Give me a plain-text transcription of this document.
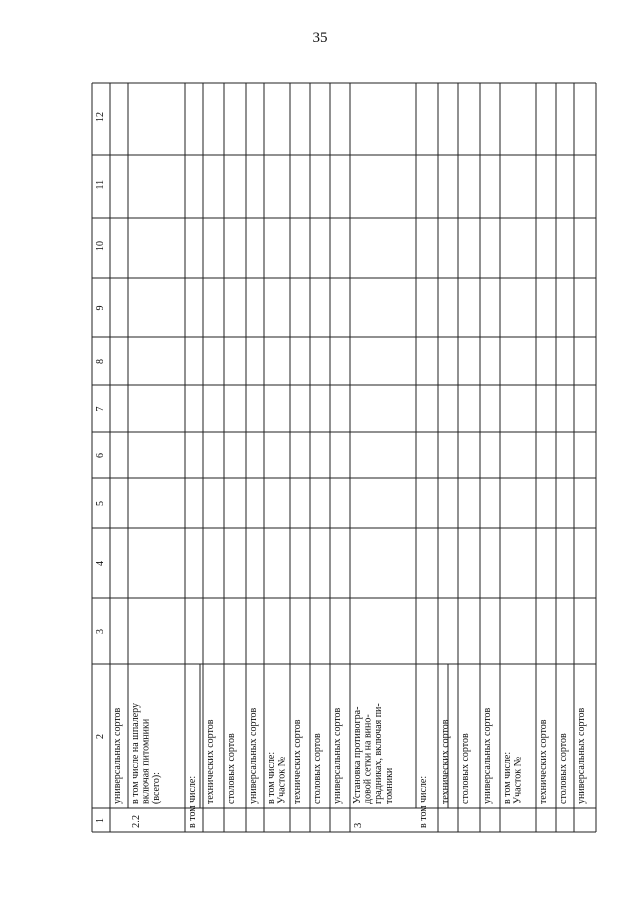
35
1
2
3
4
5
6
7
8
9
10
11
12
универсальных сортов
2.2
в том числе на шпалеру включая питомники (всего): в том числе: технических сортов столовых сортов универсальных сортов в том числе: Участок № технических сортов столовых сортов универсальных сортов
3
Установка противогра- довой сетки на вино- градниках, включая пи- томники в том числе: технических сортов столовых сортов универсальных сортов в том числе: Участок № технических сортов столовых сортов универсальных сортов
